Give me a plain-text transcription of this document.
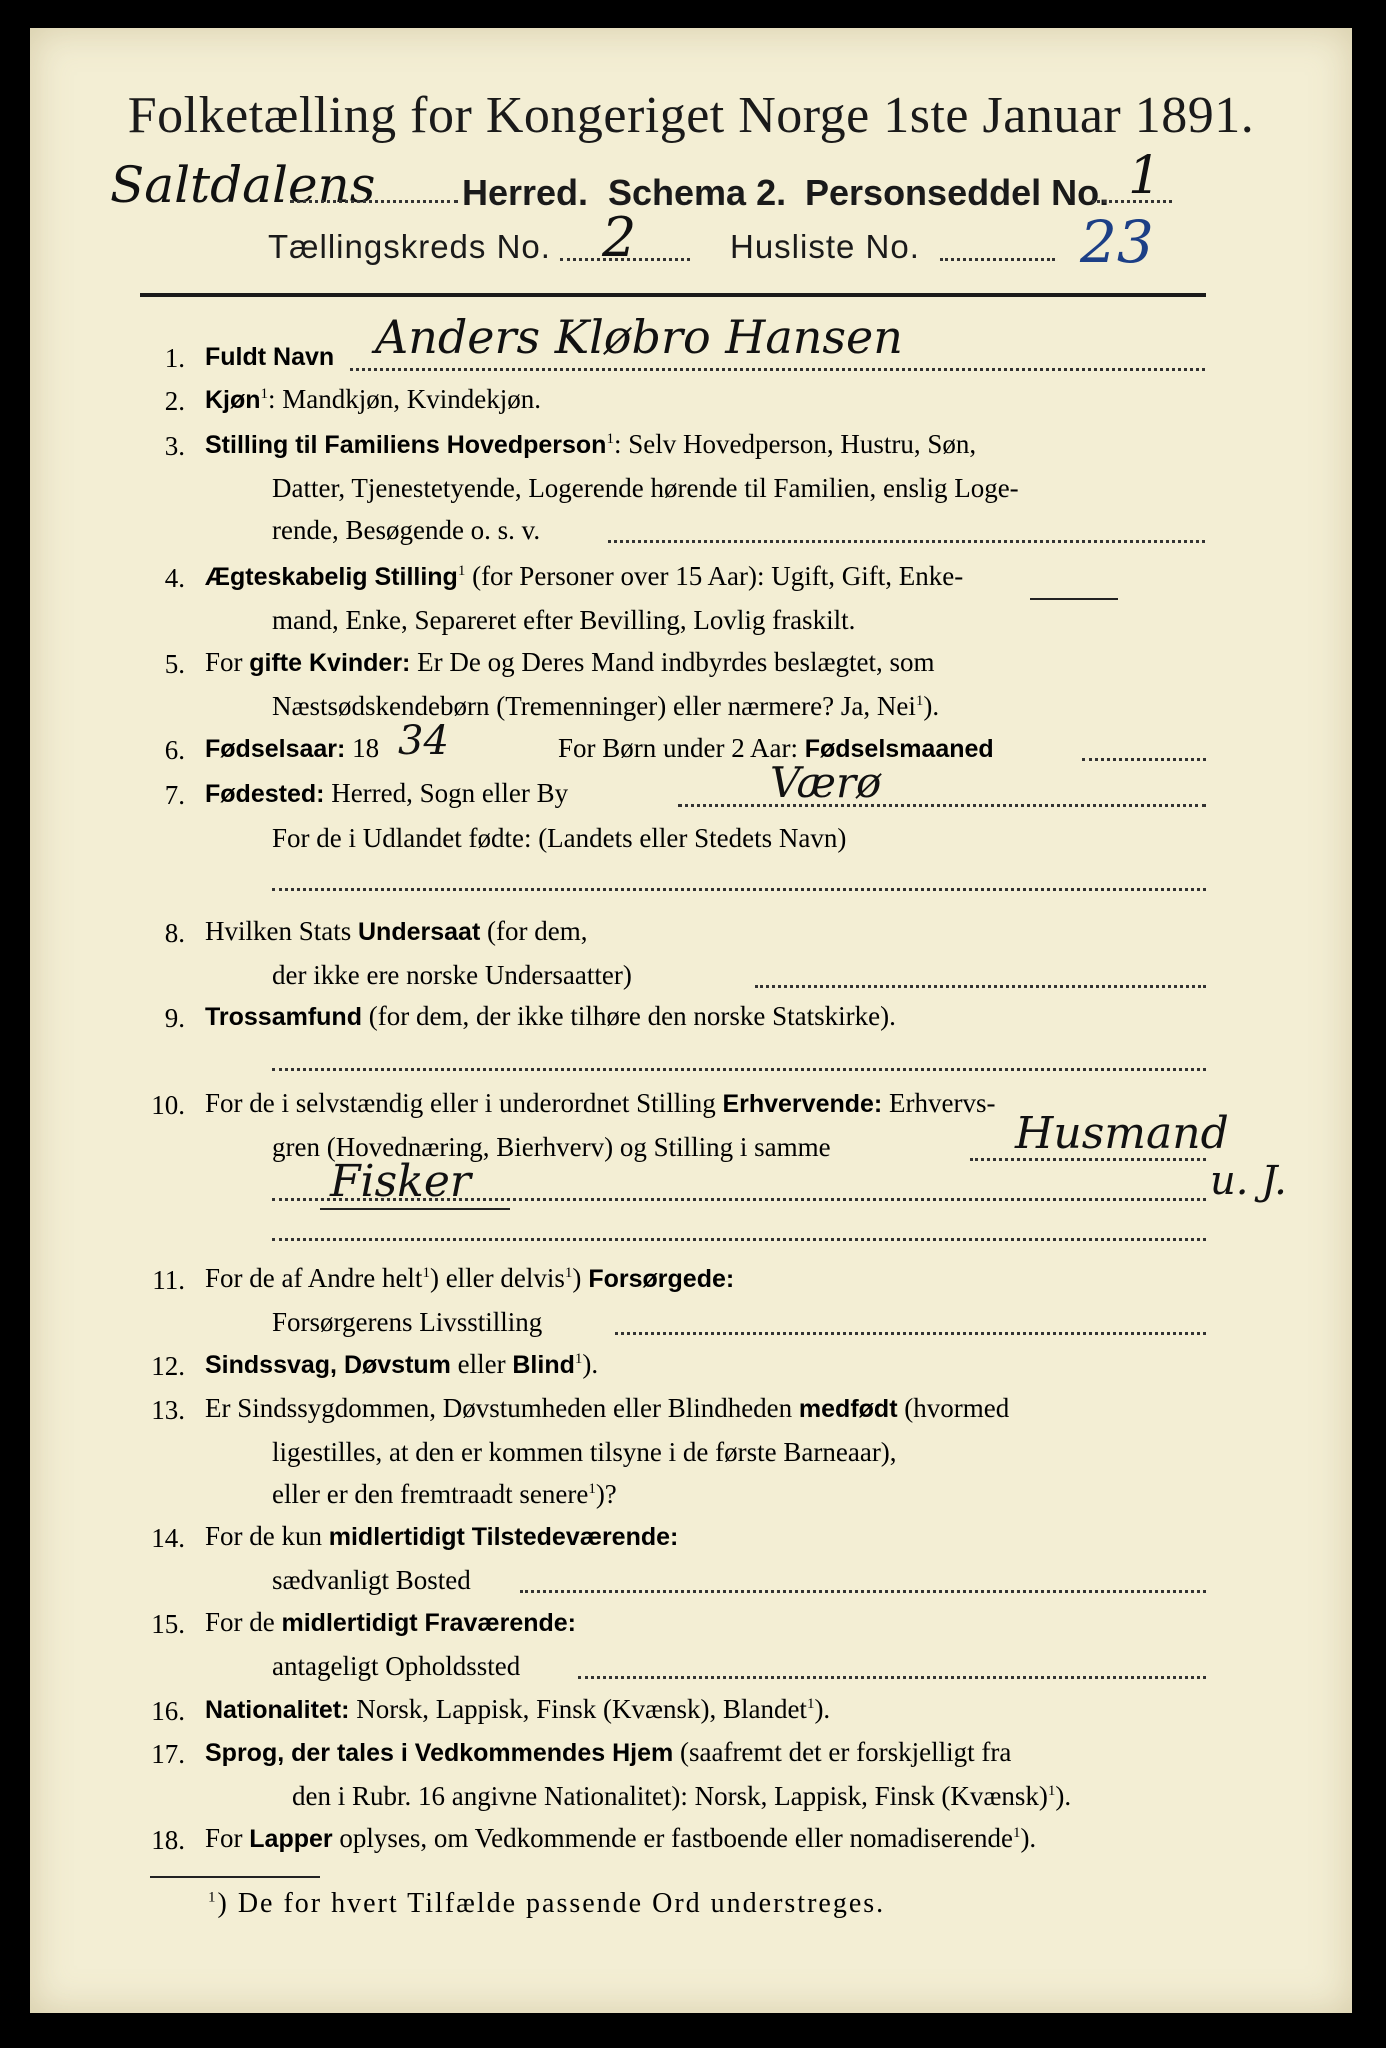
Folketælling for Kongeriget Norge 1ste Januar 1891.
Saltdalens Herred. Schema 2. Personseddel No. 1
Tællingskreds No. 2	Husliste No.	23
1. Fuldt Navn Anders Kløbro Hansen
2. Kjøn$^1$: Mandkjøn, Kvindekjøn.
3. Stilling til Familiens Hovedperson$^1$: Selv Hovedperson, Hustru, Søn,
Datter, Tjenestetyende, Logerende hørende til Familien, enslig Loge-
rende, Besøgende o. s. v.
4. Ægteskabelig Stilling$^1$ (for Personer over 15 Aar): Ugift, Gift, Enke-
mand, Enke, Separeret efter Bevilling, Lovlig fraskilt.
5. For gifte Kvinder: Er De og Deres Mand indbyrdes beslægtet, som
Næstsødskendebørn (Tremenninger) eller nærmere? Ja, Nei$^1$).
6. Fødselsaar: 18 34	For Børn under 2 Aar: Fødselsmaaned
7. Fødested: Herred, Sogn eller By	Værø
For de i Udlandet fødte: (Landets eller Stedets Navn)
8. Hvilken Stats Undersaat (for dem,
der ikke ere norske Undersaatter)
9. Trossamfund (for dem, der ikke tilhøre den norske Statskirke).
10. For de i selvstændig eller i underordnet Stilling Erhvervende: Erhvervs-
gren (Hovednæring, Bierhverv) og Stilling i samme	Husmand
Fisker	u. J.
11. For de af Andre helt$^1$) eller delvis$^1$) Forsørgede:
Forsørgerens Livsstilling
12. Sindssvag, Døvstum eller Blind$^1$).
13. Er Sindssygdommen, Døvstumheden eller Blindheden medfødt (hvormed
ligestilles, at den er kommen tilsyne i de første Barneaar),
eller er den fremtraadt senere$^1$)?
14. For de kun midlertidigt Tilstedeværende:
sædvanligt Bosted
15. For de midlertidigt Fraværende:
antageligt Opholdssted
16. Nationalitet: Norsk, Lappisk, Finsk (Kvænsk), Blandet$^1$).
17. Sprog, der tales i Vedkommendes Hjem (saafremt det er forskjelligt fra
den i Rubr. 16 angivne Nationalitet): Norsk, Lappisk, Finsk (Kvænsk)$^1$).
18. For Lapper oplyses, om Vedkommende er fastboende eller nomadiserende$^1$).
$^1$) De for hvert Tilfælde passende Ord understreges.
